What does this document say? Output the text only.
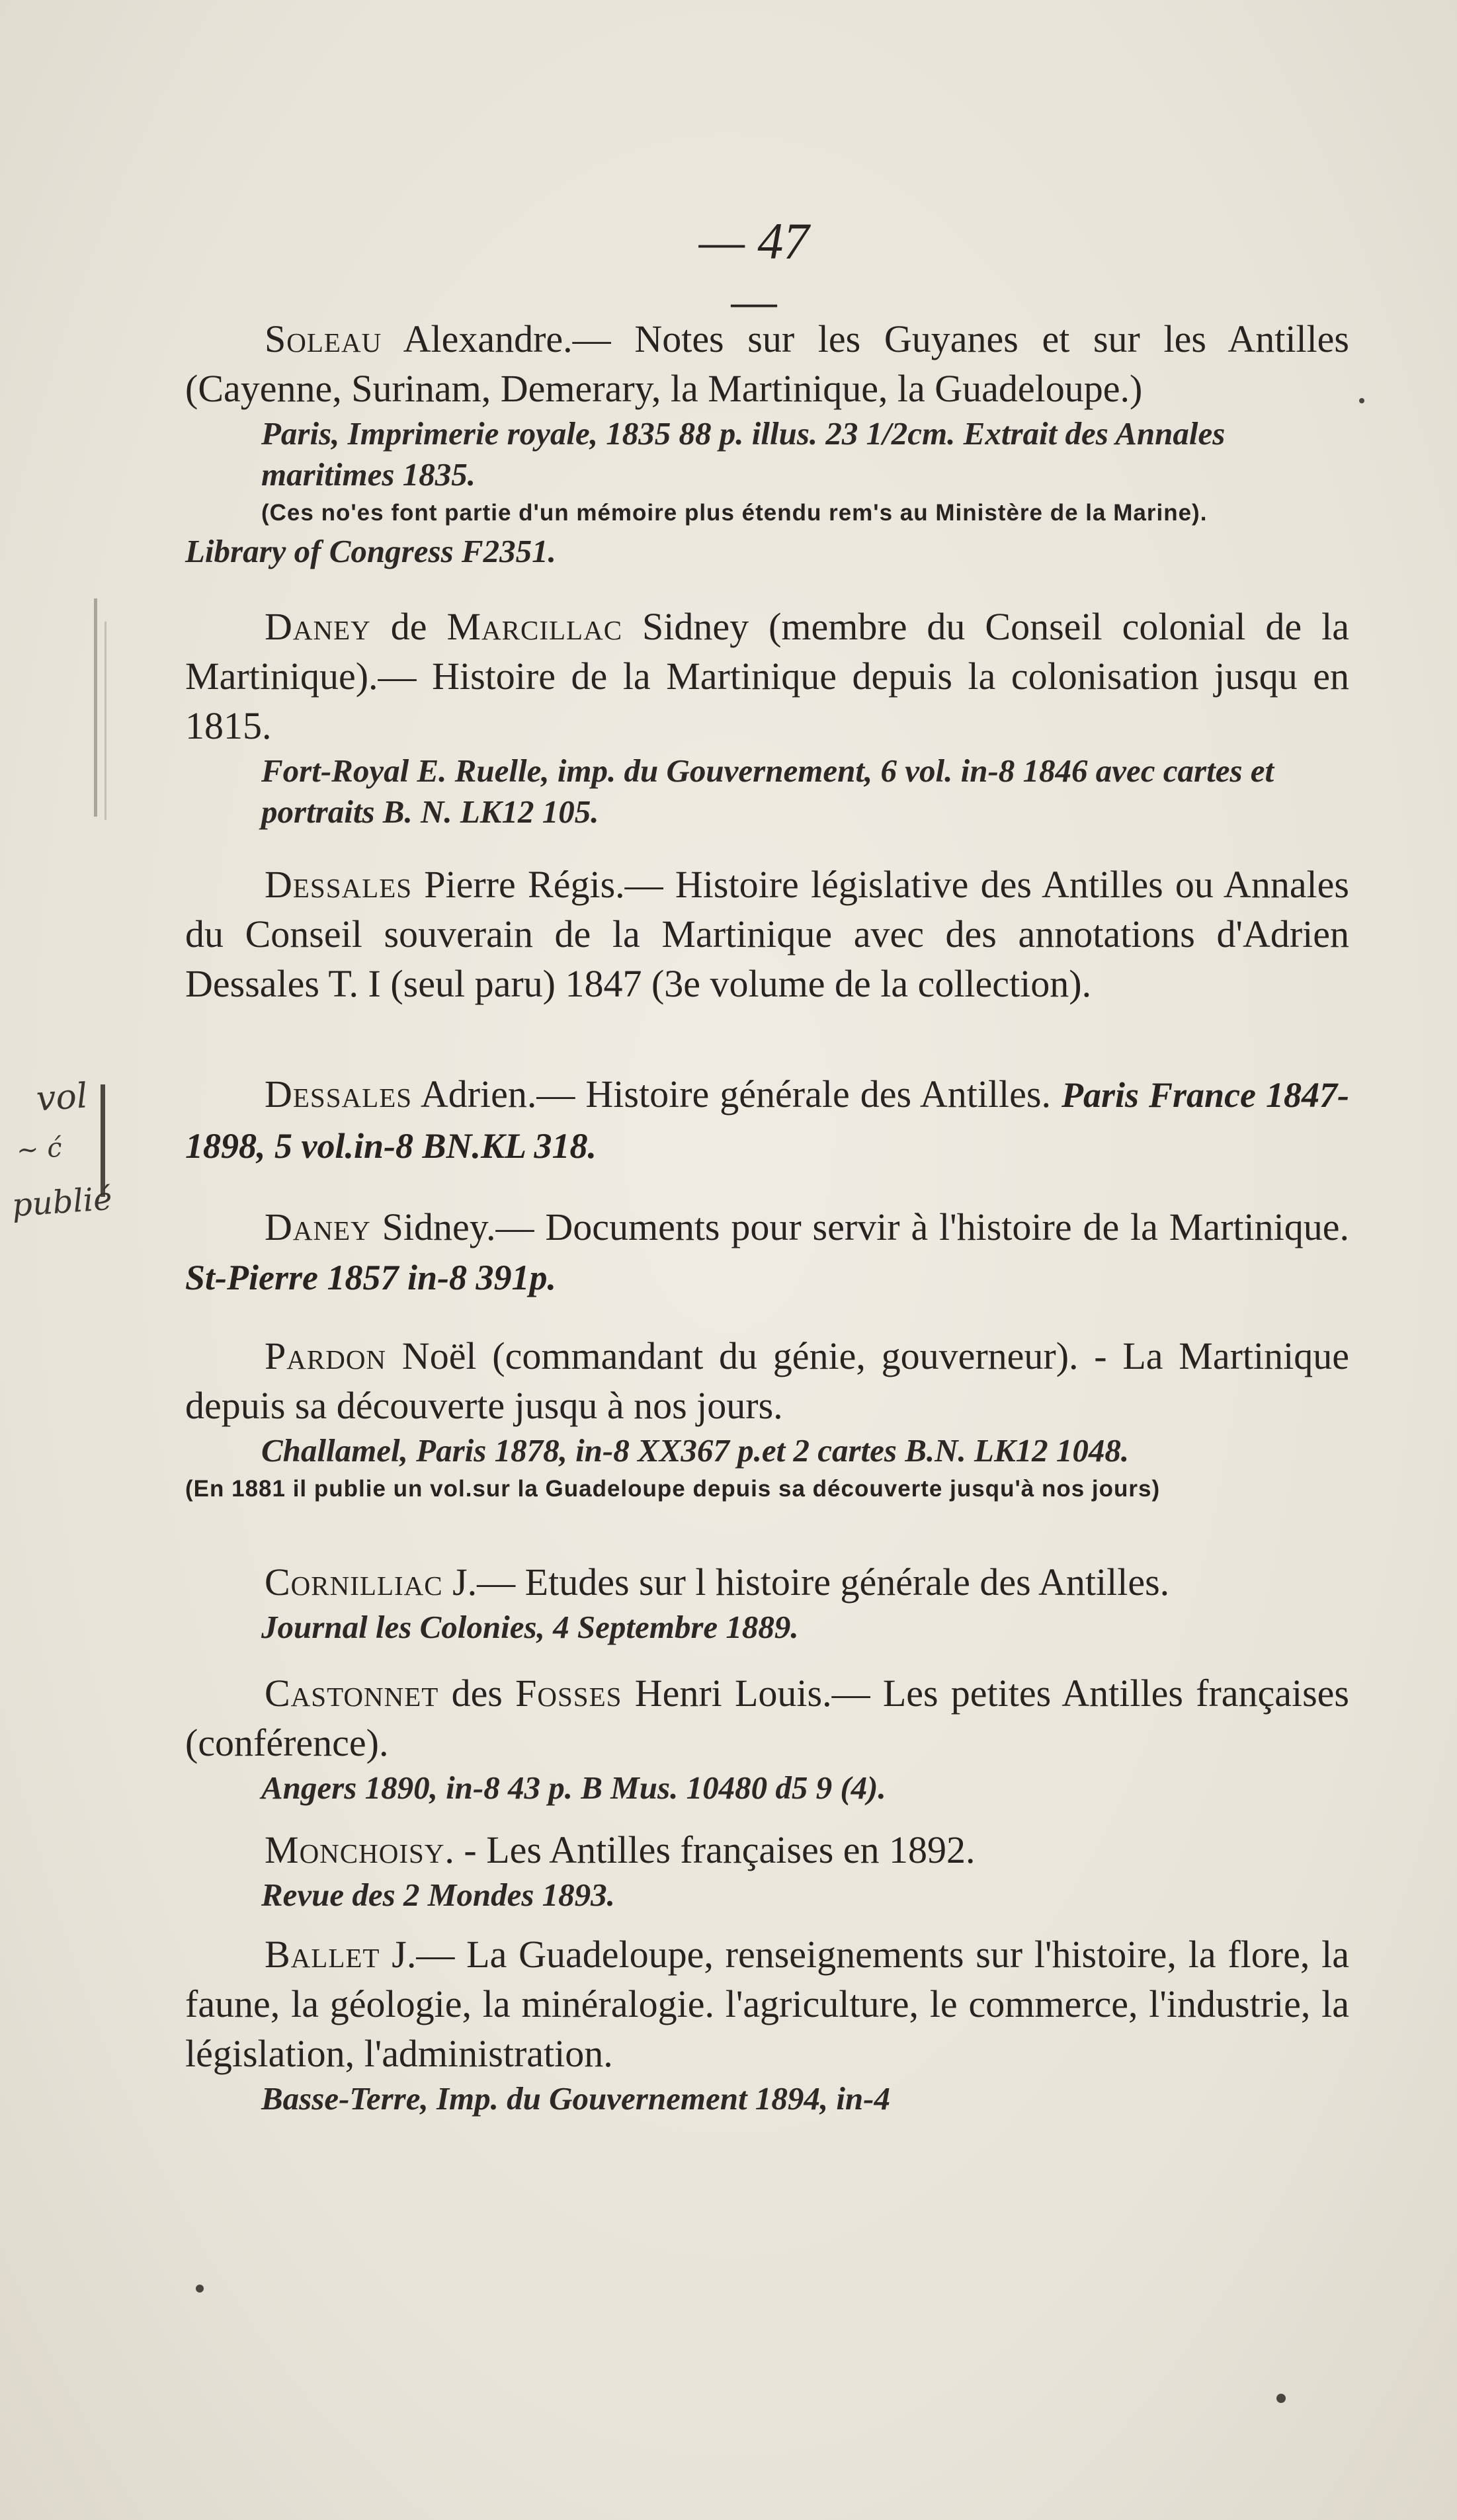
— 47 —

Soleau Alexandre.— Notes sur les Guyanes et sur les Antilles (Cayenne, Surinam, Demerary, la Martinique, la Guadeloupe.)

Paris, Imprimerie royale, 1835 88 p. illus. 23 1/2cm. Extrait des Annales maritimes 1835.

(Ces no'es font partie d'un mémoire plus étendu rem's au Ministère de la Marine).

Library of Congress F2351.

Daney de Marcillac Sidney (membre du Conseil colonial de la Martinique).— Histoire de la Martinique depuis la colonisation jusqu en 1815.

Fort-Royal E. Ruelle, imp. du Gouvernement, 6 vol. in-8 1846 avec cartes et portraits B. N. LK12 105.

Dessales Pierre Régis.— Histoire législative des Antilles ou Annales du Conseil souverain de la Martinique avec des annotations d'Adrien Dessales T. I (seul paru) 1847 (3e volume de la collection).

Dessales Adrien.— Histoire générale des Antilles. Paris France 1847-1898, 5 vol.in-8 BN.KL 318.

Daney Sidney.— Documents pour servir à l'histoire de la Martinique. St-Pierre 1857 in-8 391p.

Pardon Noël (commandant du génie, gouverneur). - La Martinique depuis sa découverte jusqu à nos jours.

Challamel, Paris 1878, in-8 XX367 p.et 2 cartes B.N. LK12 1048.

(En 1881 il publie un vol.sur la Guadeloupe depuis sa découverte jusqu'à nos jours)

Cornilliac J.— Etudes sur l histoire générale des Antilles.

Journal les Colonies, 4 Septembre 1889.

Castonnet des Fosses Henri Louis.— Les petites Antilles françaises (conférence).

Angers 1890, in-8 43 p. B Mus. 10480 d5 9 (4).

Monchoisy. - Les Antilles françaises en 1892.

Revue des 2 Mondes 1893.

Ballet J.— La Guadeloupe, renseignements sur l'histoire, la flore, la faune, la géologie, la minéralogie. l'agriculture, le commerce, l'industrie, la législation, l'administration.

Basse-Terre, Imp. du Gouvernement 1894, in-4

vol
~ ć
publié
